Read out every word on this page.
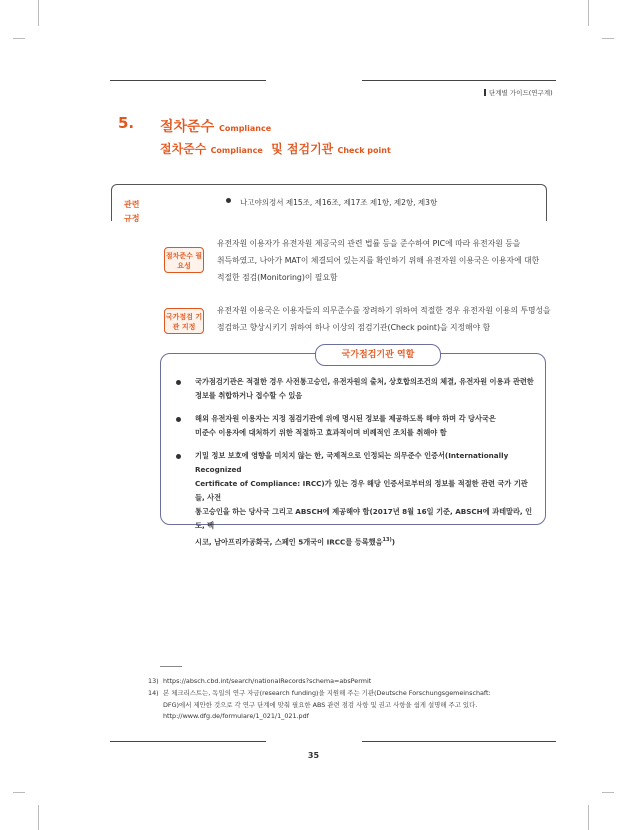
단계별 가이드(연구계)
5. 절차준수 Compliance
절차준수 Compliance 및 점검기관 Check point
관련 규정
나고야의정서 제15조, 제16조, 제17조 제1항, 제2항, 제3항
절차준수 필요성
유전자원 이용자가 유전자원 제공국의 관련 법률 등을 준수하여 PIC에 따라 유전자원 등을
취득하였고, 나아가 MAT이 체결되어 있는지를 확인하기 위해 유전자원 이용국은 이용자에 대한
적절한 점검(Monitoring)이 필요함
국가점검 기관 지정
유전자원 이용국은 이용자들의 의무준수를 장려하기 위하여 적절한 경우 유전자원 이용의 투명성을
점검하고 향상시키기 위하여 하나 이상의 점검기관(Check point)을 지정해야 함
국가점검기관 역할
국가점검기관은 적절한 경우 사전통고승인, 유전자원의 출처, 상호합의조건의 체결, 유전자원 이용과 관련한
정보를 취합하거나 접수할 수 있음
해외 유전자원 이용자는 지정 점검기관에 위에 명시된 정보를 제공하도록 해야 하며 각 당사국은
미준수 이용자에 대처하기 위한 적절하고 효과적이며 비례적인 조치를 취해야 함
기밀 정보 보호에 영향을 미치지 않는 한, 국제적으로 인정되는 의무준수 인증서(Internationally Recognized
Certificate of Compliance: IRCC)가 있는 경우 해당 인증서로부터의 정보를 적절한 관련 국가 기관들, 사전
통고승인을 하는 당사국 그리고 ABSCH에 제공해야 함(2017년 8월 16일 기준, ABSCH에 과테말라, 인도, 벡
시코, 남아프리카공화국, 스페인 5개국이 IRCC를 등록했음$^{13)}$)
13) https://absch.cbd.int/search/nationalRecords?schema=absPermit
14) 본 체크리스트는, 독일의 연구 자금(research funding)을 지원해 주는 기관(Deutsche Forschungsgemeinschaft:
DFG)에서 제안한 것으로 각 연구 단계에 맞춰 필요한 ABS 관련 점검 사항 및 권고 사항을 쉽게 설명해 주고 있다.
http://www.dfg.de/formulare/1_021/1_021.pdf
35
